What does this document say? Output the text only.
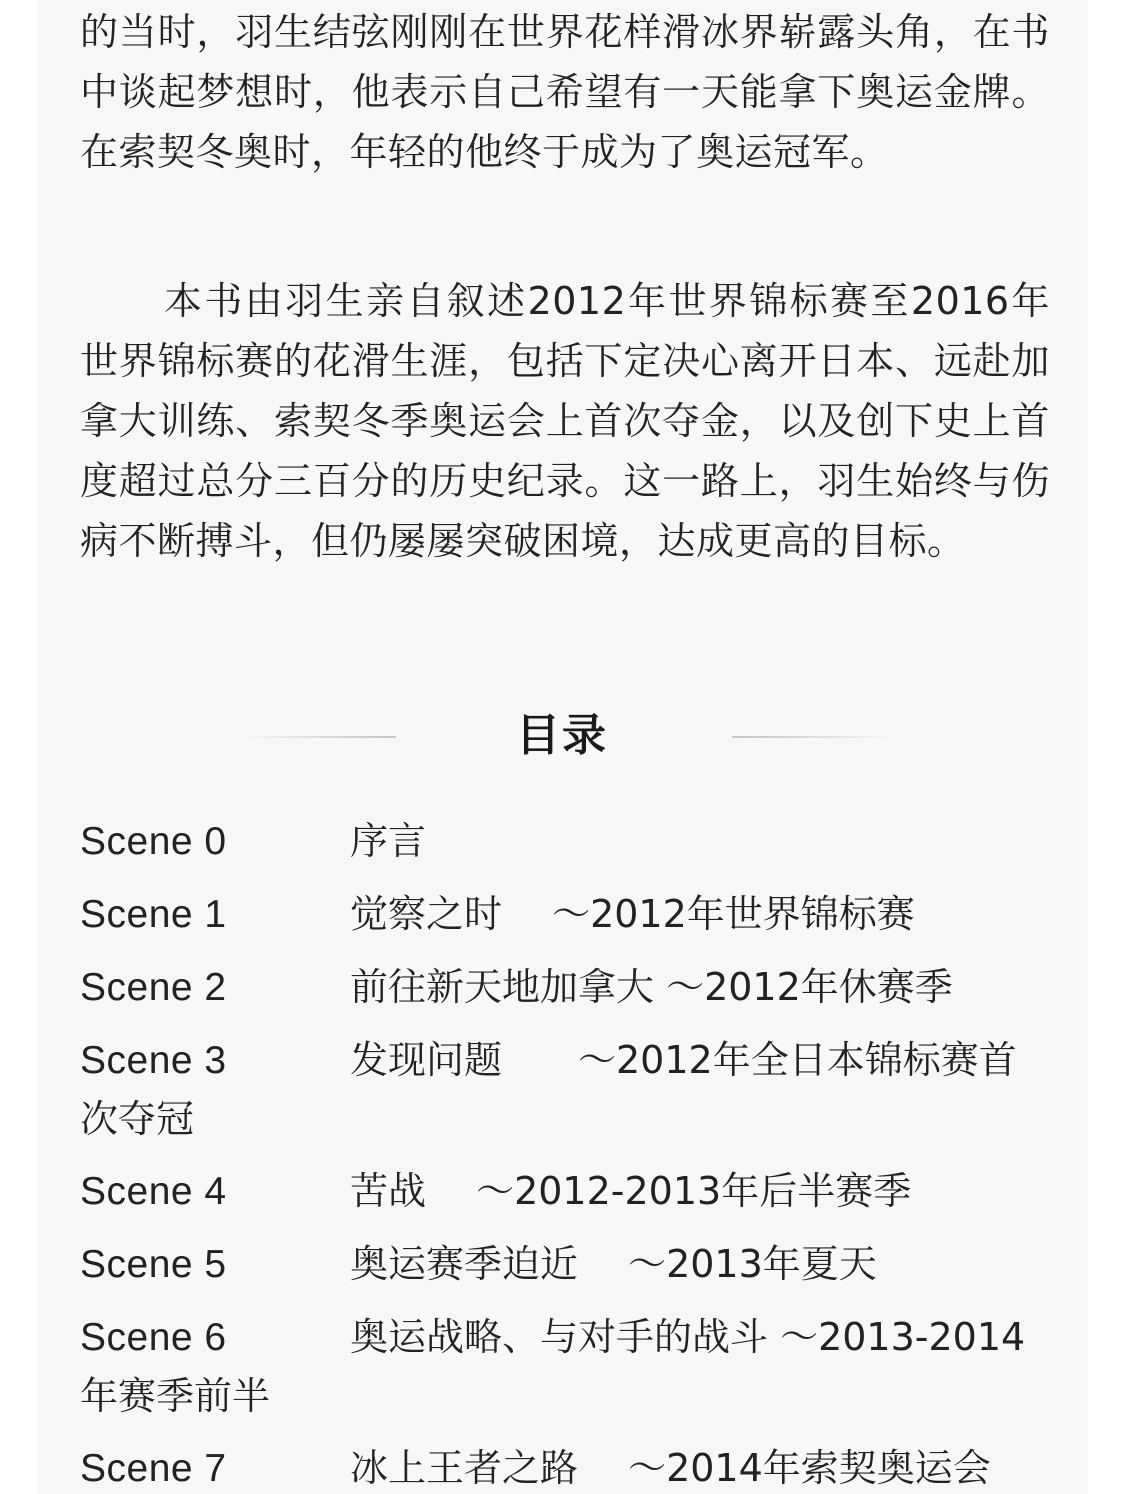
的当时，羽生结弦刚刚在世界花样滑冰界崭露头角，在书中谈起梦想时，他表示自己希望有一天能拿下奥运金牌。在索契冬奥时，年轻的他终于成为了奥运冠军。

本书由羽生亲自叙述2012年世界锦标赛至2016年世界锦标赛的花滑生涯，包括下定决心离开日本、远赴加拿大训练、索契冬季奥运会上首次夺金，以及创下史上首度超过总分三百分的历史纪录。这一路上，羽生始终与伤病不断搏斗，但仍屡屡突破困境，达成更高的目标。

目录
Scene 0	序言
Scene 1	觉察之时　 ～2012年世界锦标赛
Scene 2	前往新天地加拿大 ～2012年休赛季
Scene 3	发现问题　　～2012年全日本锦标赛首次夺冠
Scene 4	苦战　 ～2012-2013年后半赛季
Scene 5	奥运赛季迫近　 ～2013年夏天
Scene 6	奥运战略、与对手的战斗 ～2013-2014年赛季前半
Scene 7	冰上王者之路　 ～2014年索契奥运会
